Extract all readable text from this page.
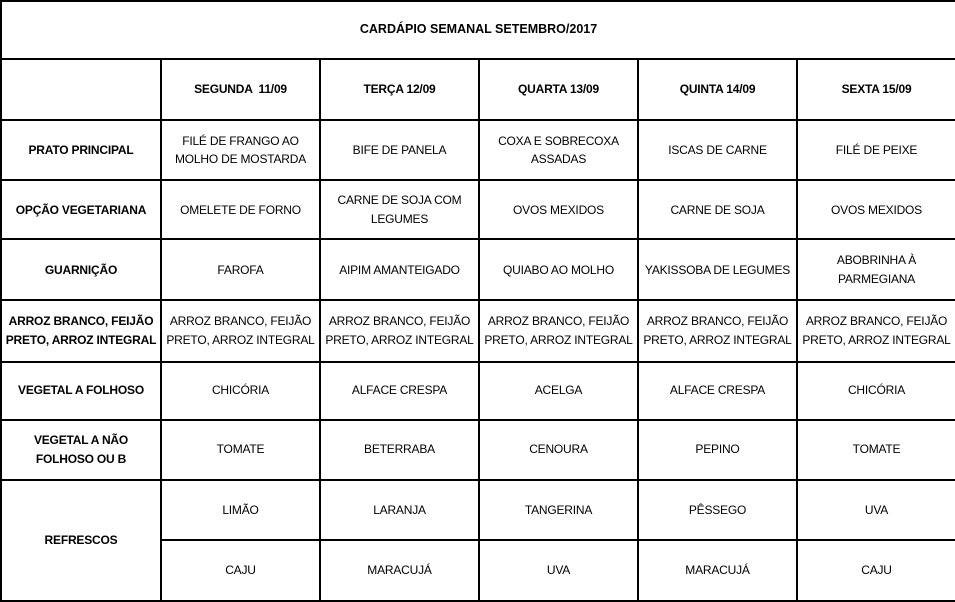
CARDÁPIO SEMANAL SETEMBRO/2017					
	SEGUNDA  11/09	TERÇA 12/09	QUARTA 13/09	QUINTA 14/09	SEXTA 15/09
PRATO PRINCIPAL	FILÉ DE FRANGO AO MOLHO DE MOSTARDA	BIFE DE PANELA	COXA E SOBRECOXA ASSADAS	ISCAS DE CARNE	FILÉ DE PEIXE
OPÇÃO VEGETARIANA	OMELETE DE FORNO	CARNE DE SOJA COM LEGUMES	OVOS MEXIDOS	CARNE DE SOJA	OVOS MEXIDOS
GUARNIÇÃO	FAROFA	AIPIM AMANTEIGADO	QUIABO AO MOLHO	YAKISSOBA DE LEGUMES	ABOBRINHA À PARMEGIANA
ARROZ BRANCO, FEIJÃO PRETO, ARROZ INTEGRAL	ARROZ BRANCO, FEIJÃO PRETO, ARROZ INTEGRAL	ARROZ BRANCO, FEIJÃO PRETO, ARROZ INTEGRAL	ARROZ BRANCO, FEIJÃO PRETO, ARROZ INTEGRAL	ARROZ BRANCO, FEIJÃO PRETO, ARROZ INTEGRAL	ARROZ BRANCO, FEIJÃO PRETO, ARROZ INTEGRAL
VEGETAL A FOLHOSO	CHICÓRIA	ALFACE CRESPA	ACELGA	ALFACE CRESPA	CHICÓRIA
VEGETAL A NÃO FOLHOSO OU B	TOMATE	BETERRABA	CENOURA	PEPINO	TOMATE
REFRESCOS	LIMÃO	LARANJA	TANGERINA	PÊSSEGO	UVA
	CAJU	MARACUJÁ	UVA	MARACUJÁ	CAJU
